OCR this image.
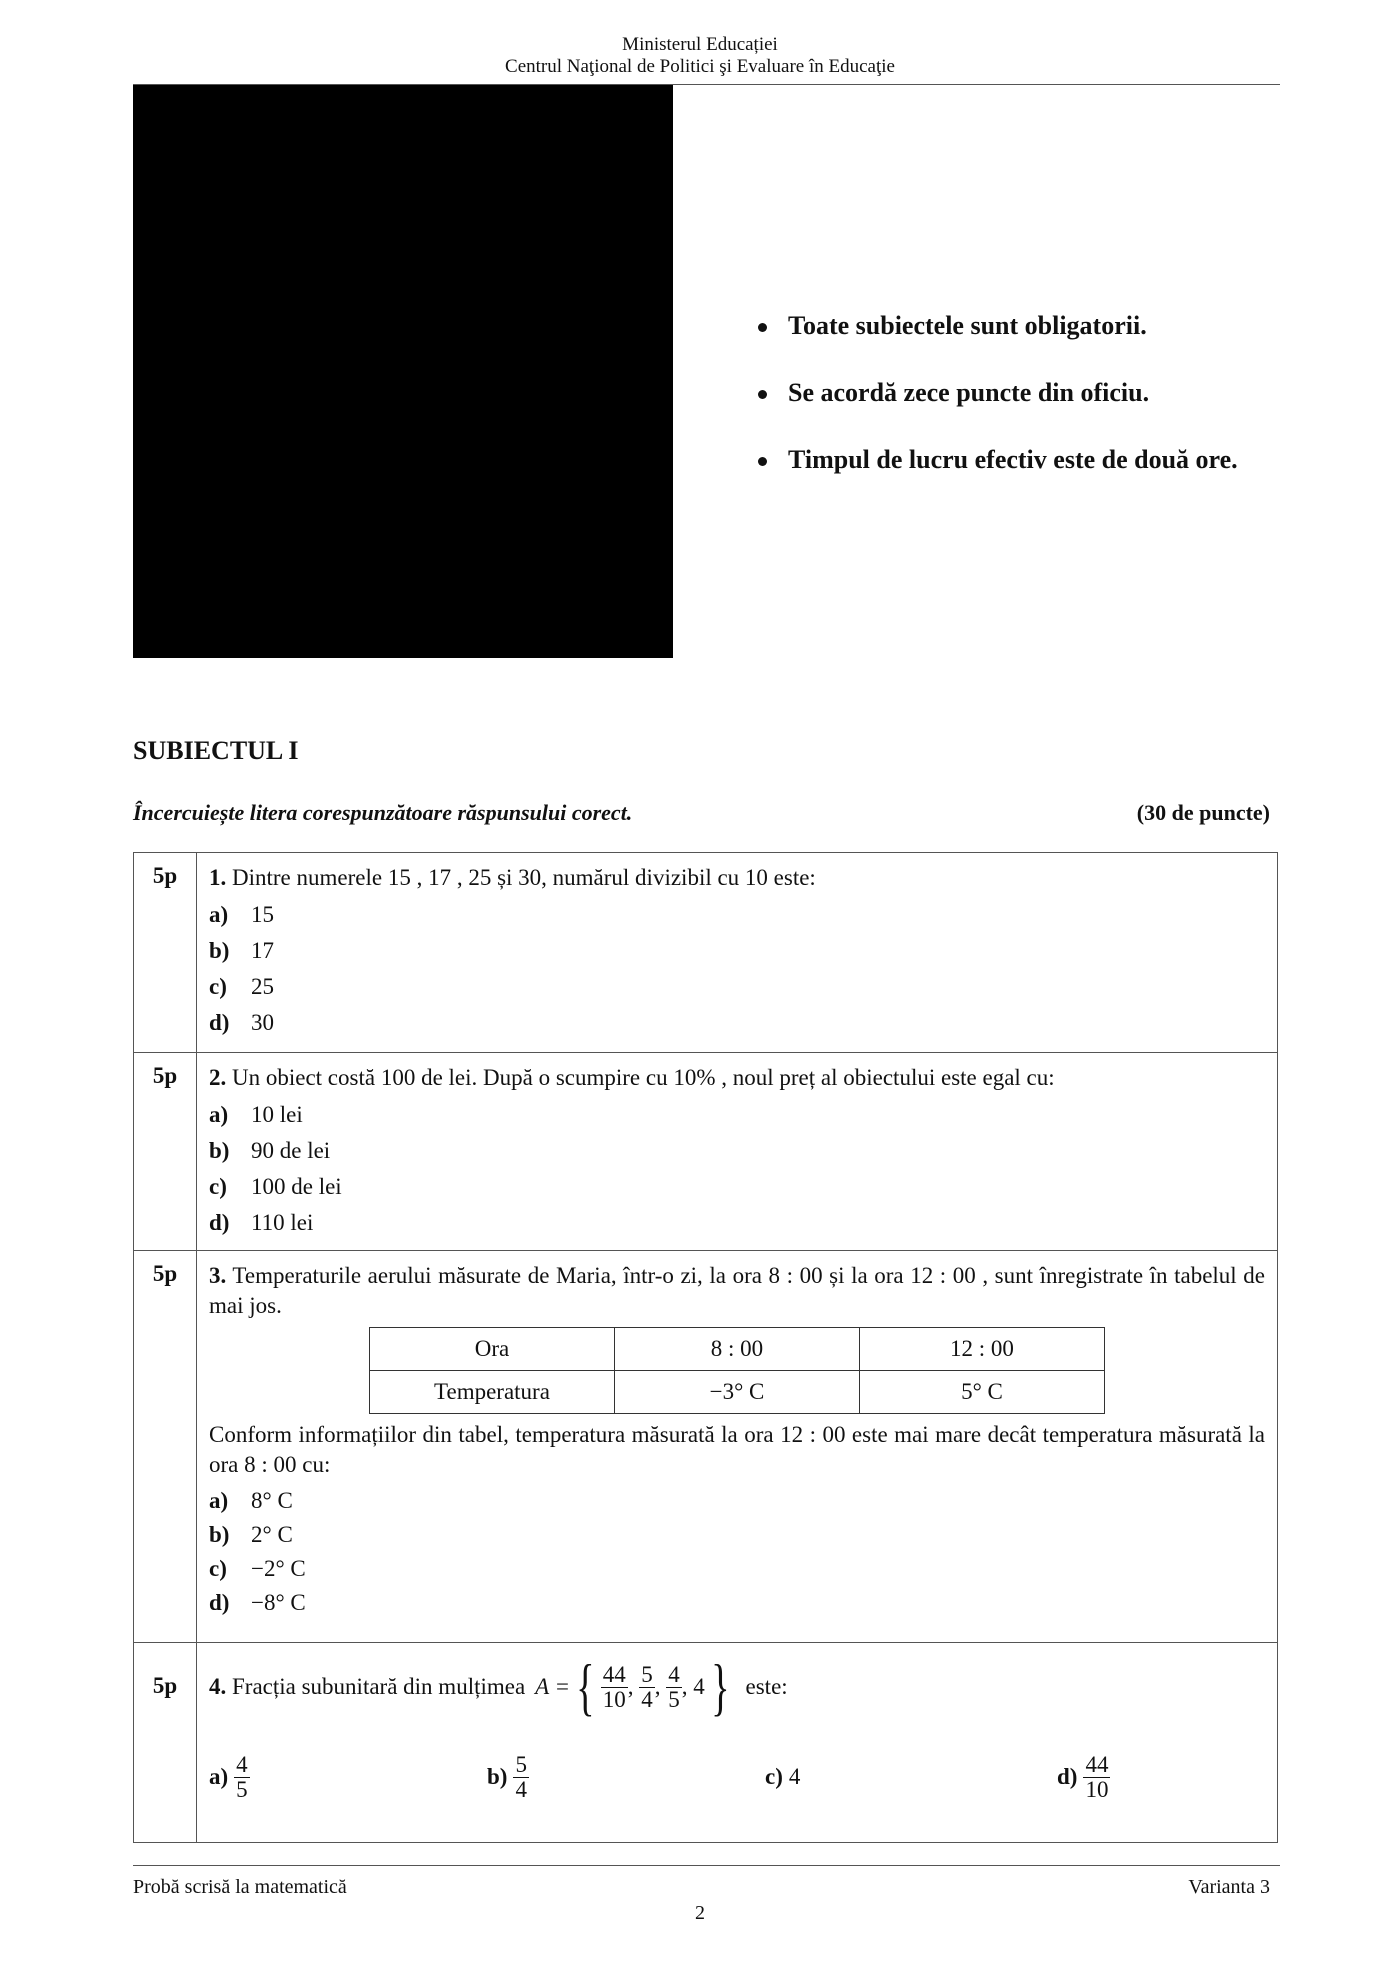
Ministerul Educației
Centrul Naţional de Politici şi Evaluare în Educaţie
Toate subiectele sunt obligatorii.
Se acordă zece puncte din oficiu.
Timpul de lucru efectiv este de două ore.
SUBIECTUL I
Încercuiește litera corespunzătoare răspunsului corect.	(30 de puncte)
5p	1. Dintre numerele 15 , 17 , 25 și 30, numărul divizibil cu 10 este:
a) 15
b) 17
c) 25
d) 30

5p	2. Un obiect costă 100 de lei. După o scumpire cu 10% , noul preț al obiectului este egal cu:
a) 10 lei
b) 90 de lei
c) 100 de lei
d) 110 lei

5p	3. Temperaturile aerului măsurate de Maria, într-o zi, la ora 8 : 00 și la ora 12 : 00 , sunt înregistrate în tabelul de mai jos.
Ora	8 : 00	12 : 00
Temperatura	−3° C	5° C
Conform informațiilor din tabel, temperatura măsurată la ora 12 : 00 este mai mare decât temperatura măsurată la ora 8 : 00 cu:
a) 8° C
b) 2° C
c) −2° C
d) −8° C

5p	4.
Fracția subunitară din mulțimea A = { $\frac{44}{10}$ , $\frac{5}{4}$ , $\frac{4}{5}$ , 4 } este:
$a) \frac{4}{5}$	$b) \frac{5}{4}$	c) 4	$d) \frac{44}{10}$
Probă scrisă la matematică	Varianta 3
2
